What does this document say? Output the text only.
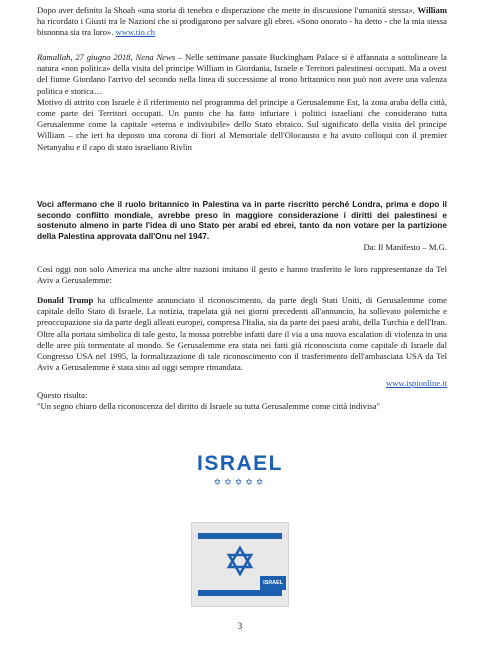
Dopo aver definito la Shoah «una storia di tenebra e disperazione che mette in discussione l'umanità stessa», William ha ricordato i Giusti tra le Nazioni che si prodigarono per salvare gli ebrei. «Sono onorato - ha detto - che la mia stessa bisnonna sia tra loro». www.tio.ch

Ramallah, 27 giugno 2018, Nena News – Nelle settimane passate Buckingham Palace si è affannata a sottolineare la natura «non politica» della visita del principe William in Giordania, Israele e Territori palestinesi occupati. Ma a ovest del fiume Giordano l'arrivo del secondo nella linea di successione al trono britannico non può non avere una valenza politica e storica…
Motivo di attrito con Israele è il riferimento nel programma del principe a Gerusalemme Est, la zona araba della città, come parte dei Territori occupati. Un punto che ha fatto infuriare i politici israeliani che considerano tutta Gerusalemme come la capitale «eterna e indivisibile» dello Stato ebraico. Sul significato della visita del principe William – che ieri ha deposto una corona di fiori al Memoriale dell'Olocausto e ha avuto colloqui con il premier Netanyahu e il capo di stato israeliano Rivlin

Voci affermano che il ruolo britannico in Palestina va in parte riscritto perché Londra, prima e dopo il secondo conflitto mondiale, avrebbe preso in maggiore considerazione i diritti dei palestinesi e sostenuto almeno in parte l'idea di uno Stato per arabi ed ebrei, tanto da non votare per la partizione della Palestina approvata dall'Onu nel 1947.

Da: Il Manifesto – M.G.

Così oggi non solo America ma anche altre nazioni imitano il gesto e hanno trasferito le loro rappresentanze da Tel Aviv a Gerusalemme:

Donald Trump ha ufficalmente annunciato il riconoscimento, da parte degli Stati Uniti, di Gerusalemme come capitale dello Stato di Israele. La notizia, trapelata già nei giorni precedenti all'annuncio, ha sollevato polemiche e preoccupazione sia da parte degli alleati europei, compresa l'Italia, sia da parte dei paesi arabi, della Turchia e dell'Iran. Oltre alla portata simbolica di tale gesto, la mossa potrebbe infatti dare il via a una nuova escalation di violenza in una delle aree più tormentate al mondo. Se Gerusalemme era stata nei fatti già riconosciuta come capitale di Israele dal Congresso USA nel 1995, la formalizzazione di tale riconoscimento con il trasferimento dell'ambasciata USA da Tel Aviv a Gerusalemme è stata sino ad oggi sempre rimandata.

www.ispionline.it

Questo risulta:
"Un segno chiaro della riconoscenza del diritto di Israele su tutta Gerusalemme come città indivisa"
ISRAEL
✡✡✡✡✡
ISRAEL

3
